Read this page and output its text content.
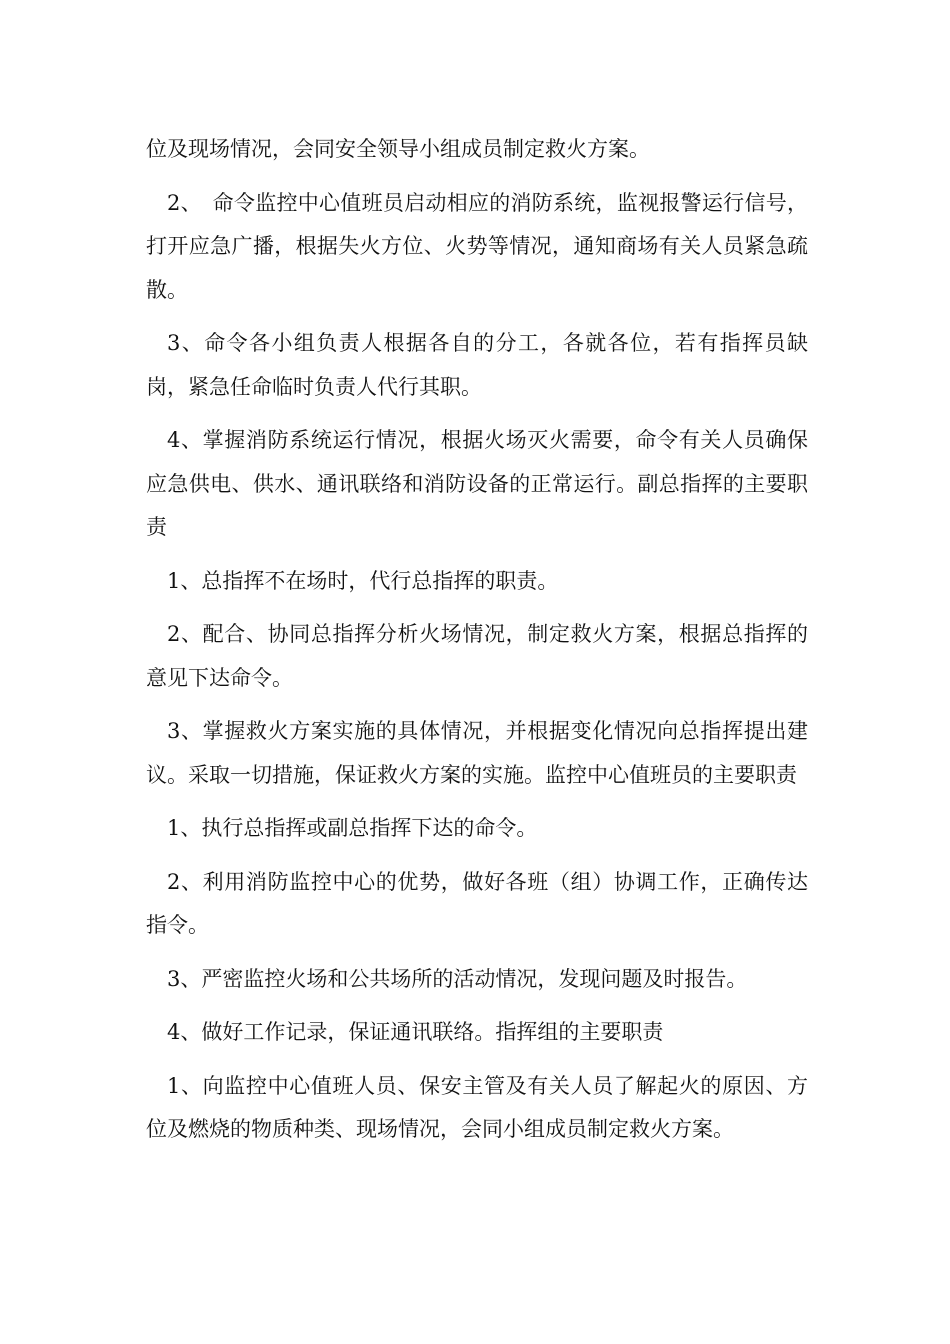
位及现场情况，会同安全领导小组成员制定救火方案。

2、　命令监控中心值班员启动相应的消防系统，监视报警运行信号，打开应急广播，根据失火方位、火势等情况，通知商场有关人员紧急疏散。

3、命令各小组负责人根据各自的分工，各就各位，若有指挥员缺岗，紧急任命临时负责人代行其职。

4、掌握消防系统运行情况，根据火场灭火需要，命令有关人员确保应急供电、供水、通讯联络和消防设备的正常运行。副总指挥的主要职责

1、总指挥不在场时，代行总指挥的职责。

2、配合、协同总指挥分析火场情况，制定救火方案，根据总指挥的意见下达命令。

3、掌握救火方案实施的具体情况，并根据变化情况向总指挥提出建议。采取一切措施，保证救火方案的实施。监控中心值班员的主要职责

1、执行总指挥或副总指挥下达的命令。

2、利用消防监控中心的优势，做好各班（组）协调工作，正确传达指令。

3、严密监控火场和公共场所的活动情况，发现问题及时报告。

4、做好工作记录，保证通讯联络。指挥组的主要职责

1、向监控中心值班人员、保安主管及有关人员了解起火的原因、方位及燃烧的物质种类、现场情况，会同小组成员制定救火方案。
